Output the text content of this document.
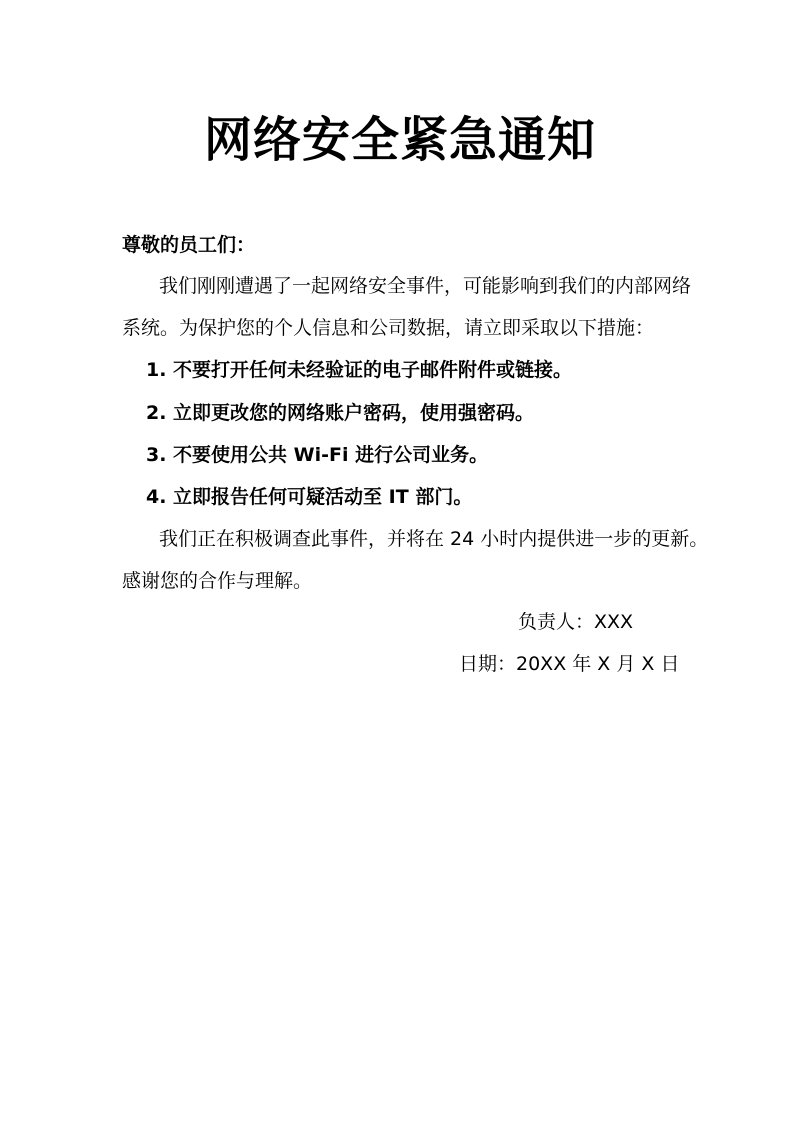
网络安全紧急通知
尊敬的员工们：
我们刚刚遭遇了一起网络安全事件，可能影响到我们的内部网络
系统。为保护您的个人信息和公司数据，请立即采取以下措施：
1. 不要打开任何未经验证的电子邮件附件或链接。
2. 立即更改您的网络账户密码，使用强密码。
3. 不要使用公共 Wi-Fi 进行公司业务。
4. 立即报告任何可疑活动至 IT 部门。
我们正在积极调查此事件，并将在 24 小时内提供进一步的更新。
感谢您的合作与理解。
负责人：XXX
日期：20XX 年 X 月 X 日
